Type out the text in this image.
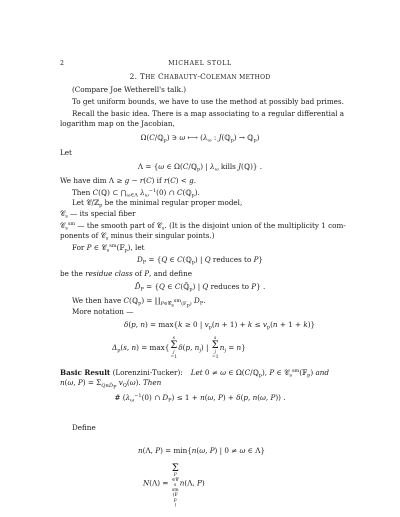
2	MICHAEL STOLL
2. THE CHABAUTY-COLEMAN METHOD
(Compare Joe Wetherell's talk.)
To get uniform bounds, we have to use the method at possibly bad primes.
Recall the basic idea. There is a map associating to a regular differential a
logarithm map on the Jacobian,
Ω(C/ℚ$_p$) ∋ ω ⟼ ($\lambda_\omega$ : J(ℚ$_p$) → ℚ$_p$)
Let
Λ = {ω ∈ Ω(C/ℚ$_p$) | $\lambda_\omega$ kills J(ℚ)} .
We have dim Λ ≥ g − r(C) if r(C) < g.
Then C(ℚ) ⊂ $⋂_{\omega\in\Lambda}$ $\lambda_\omega^{-1}(0)$ ∩ C(ℚ$_p$).
Let 𝒞/ℤ$_p$ be the minimal regular proper model,
𝒞$_s$ — its special fiber
𝒞$_s^{sm}$ — the smooth part of 𝒞$_s$. (It is the disjoint union of the multiplicity 1 com-
ponents of 𝒞$_s$ minus their singular points.)
For P ∈ 𝒞$_s^{sm}$(𝔽$_p$), let
$D_P = \{Q$ ∈ C(ℚ$_p$) | Q reduces to P}
be the residue class of P, and define
$D̄_P = \{Q$ ∈ $C(ℚ̄_p)$ | Q reduces to P} .
We then have C(ℚ$_p$) = $∐_{P\in 𝒞ssm(𝔽p)}$ $D_P$.
More notation —
δ(p, n) = max{k ≥ 0 | $v_p(n + 1) + k \le v_p(n + 1 + k)$}
$\Delta_p(s$, n) = max{
s
Σ
j
=1
δ(p, $n_j$) |
s
Σ
j
=1
$n_j = n$}
Basic Result (Lorenzini-Tucker): Let 0 ≠ ω ∈ Ω(C/ℚ$_p$), P ∈ 𝒞$_s^{sm}$(𝔽$_p$) and
n(ω, $P) = \Sigma_{Q\in D̄P}$ $v_Q(\omega)$. Then
# ($\lambda_\omega^{-1}(0)$ ∩ $D_P) \le 1 + n(\omega$, P) + δ(p, n(ω, P)) .
Define
n(Λ, P) = min{n(ω, P) | 0 ≠ ω ∈ Λ}
N(Λ) =

Σ
P
∈𝒞
s
sm
(𝔽
p
)
n(Λ, P)
